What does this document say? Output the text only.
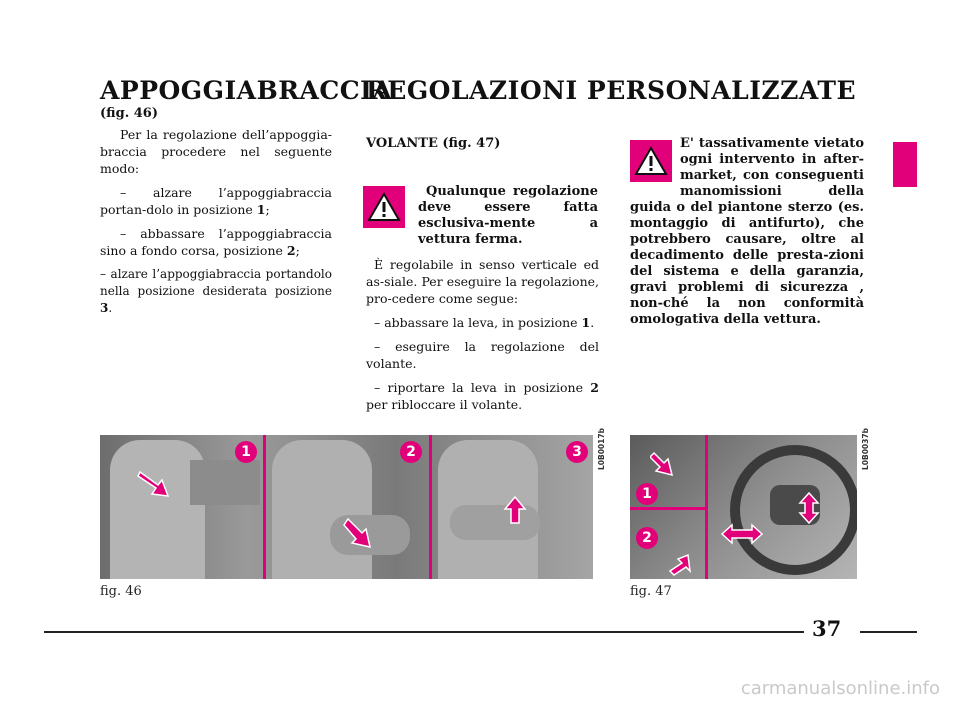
APPOGGIABRACCIA
(fig. 46)

Per la regolazione dell’appoggia-braccia procedere nel seguente modo:

– alzare l’appoggiabraccia portan-dolo in posizione 1;

– abbassare l’appoggiabraccia sino a fondo corsa, posizione 2;

– alzare l’appoggiabraccia portandolo nella posizione desiderata posizione 3.

REGOLAZIONI PERSONALIZZATE
VOLANTE (fig. 47)
Qualunque regolazione deve essere fatta esclusiva-mente a vettura ferma.

È regolabile in senso verticale ed as-siale. Per eseguire la regolazione, pro-cedere come segue:

– abbassare la leva, in posizione 1.

– eseguire la regolazione del volante.

– riportare la leva in posizione 2 per ribloccare il volante.

E' tassativamente vietato ogni intervento in after-market, con conseguenti manomissioni della guida o del piantone sterzo (es. montaggio di antifurto), che potrebbero causare, oltre al decadimento delle presta-zioni del sistema e della garanzia, gravi problemi di sicurezza , non-ché la non conformità omologativa della vettura.
1	2	3	L0B0017b
fig. 46
1
2
L0B0037b
fig. 47
37
carmanualsonline.info
